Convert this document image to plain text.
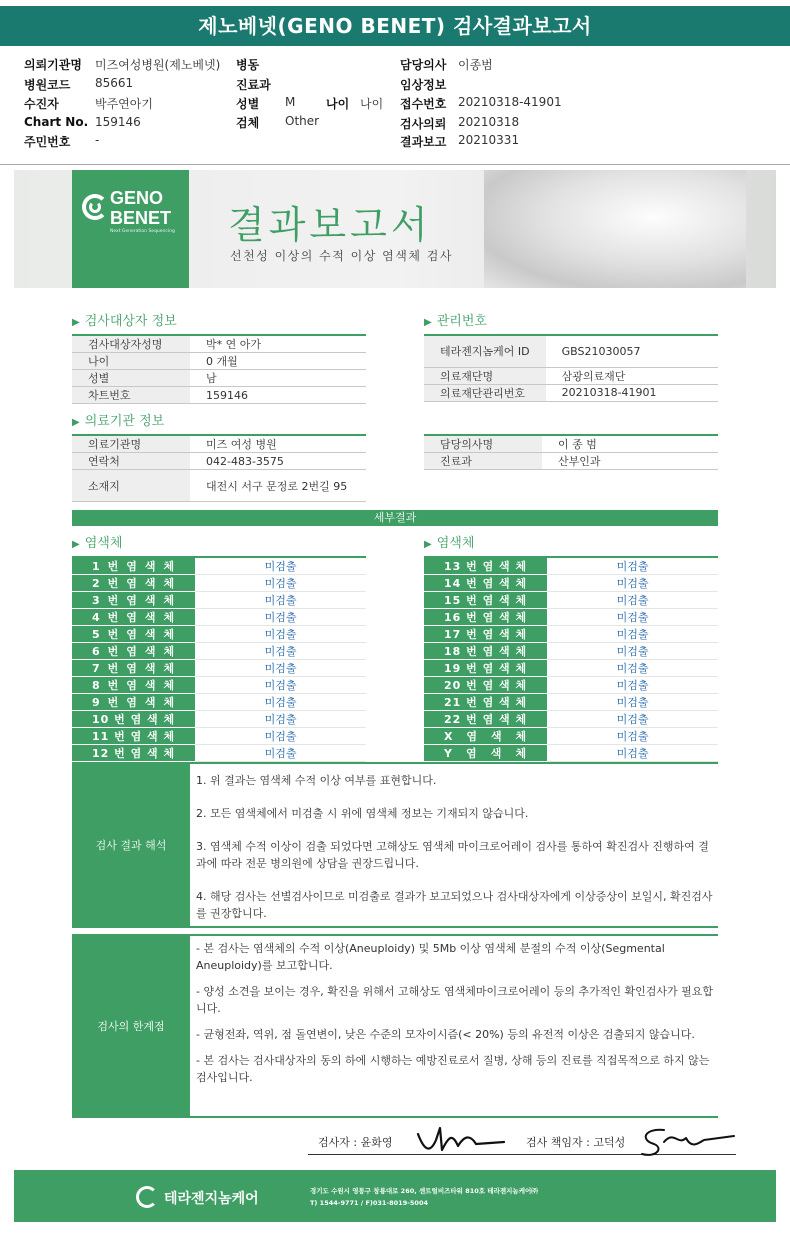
제노베넷(GENO BENET) 검사결과보고서
의뢰기관명 미즈여성병원(제노베넷) 병동	담당의사 이종범
병원코드 85661	진료과	임상정보
수진자	박주연아기	성별 M	나이 나이 접수번호 20210318-41901
Chart No. 159146	검체 Other	검사의뢰 20210318
주민번호 -	결과보고 20210331
GENO
BENET
Next Generation Sequencing 결과보고서
선천성 이상의 수적 이상 염색체 검사
▶ 검사대상자 정보
검사대상자성명	박* 연 아가
나이	0 개월
성별	남
차트번호	159146
▶ 관리번호
테라젠지놈케어 ID	GBS21030057
의료재단명	삼광의료재단
의료재단관리번호	20210318-41901
▶ 의료기관 정보
의료기관명	미즈 여성 병원
연락처	042-483-3575
소재지	대전시 서구 문정로 2번길 95
담당의사명	이 종 범
진료과	산부인과
세부결과
▶ 염색체	▶ 염색체
1 번 염 색 체	미검출
2 번 염 색 체	미검출
3 번 염 색 체	미검출
4 번 염 색 체	미검출
5 번 염 색 체	미검출
6 번 염 색 체	미검출
7 번 염 색 체	미검출
8 번 염 색 체	미검출
9 번 염 색 체	미검출
10 번 염 색 체	미검출
11 번 염 색 체	미검출
12 번 염 색 체	미검출
13 번 염 색 체	미검출
14 번 염 색 체	미검출
15 번 염 색 체	미검출
16 번 염 색 체	미검출
17 번 염 색 체	미검출
18 번 염 색 체	미검출
19 번 염 색 체	미검출
20 번 염 색 체	미검출
21 번 염 색 체	미검출
22 번 염 색 체	미검출
X 염 색 체	미검출
Y 염 색 체	미검출
검사 결과 해석
1. 위 결과는 염색체 수적 이상 여부를 표현합니다.
2. 모든 염색체에서 미검출 시 위에 염색체 정보는 기재되지 않습니다.
3. 염색체 수적 이상이 검출 되었다면 고해상도 염색체 마이크로어레이 검사를 통하여 확진검사 진행하여 결과에 따라 전문 병의원에 상담을 권장드립니다.
4. 해당 검사는 선별검사이므로 미검출로 결과가 보고되었으나 검사대상자에게 이상증상이 보일시, 확진검사를 권장합니다.
검사의 한계점
- 본 검사는 염색체의 수적 이상(Aneuploidy) 및 5Mb 이상 염색체 분절의 수적 이상(Segmental Aneuploidy)를 보고합니다.
- 양성 소견을 보이는 경우, 확진을 위해서 고해상도 염색체마이크로어레이 등의 추가적인 확인검사가 필요합니다.
- 균형전좌, 역위, 점 돌연변이, 낮은 수준의 모자이시즘(< 20%) 등의 유전적 이상은 검출되지 않습니다.
- 본 검사는 검사대상자의 동의 하에 시행하는 예방진료로서 질병, 상해 등의 진료를 직접목적으로 하지 않는 검사입니다.
검사자 : 윤화영	검사 책임자 : 고덕성
테라젠지놈케어	경기도 수원시 영통구 창룡대로 260, 센트럴비즈타워 810호 테라젠지놈케어㈜
T) 1544-9771 / F)031-8019-5004
